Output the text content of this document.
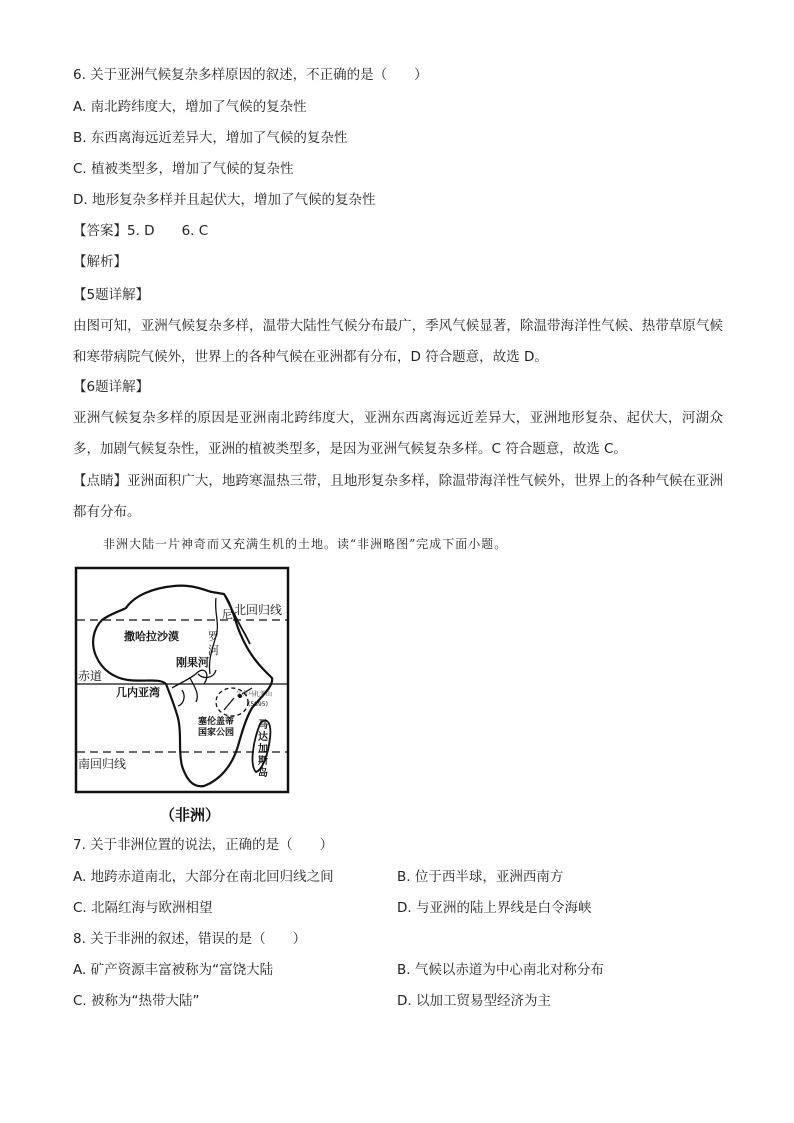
6. 关于亚洲气候复杂多样原因的叙述，不正确的是（　　）
A. 南北跨纬度大，增加了气候的复杂性
B. 东西离海远近差异大，增加了气候的复杂性
C. 植被类型多，增加了气候的复杂性
D. 地形复杂多样并且起伏大，增加了气候的复杂性
【答案】5. D　　6. C
【解析】
【5题详解】
由图可知，亚洲气候复杂多样，温带大陆性气候分布最广，季风气候显著，除温带海洋性气候、热带草原气候和寒带病院气候外，世界上的各种气候在亚洲都有分布，D 符合题意，故选 D。
【6题详解】
亚洲气候复杂多样的原因是亚洲南北跨纬度大，亚洲东西离海远近差异大，亚洲地形复杂、起伏大，河湖众多，加剧气候复杂性，亚洲的植被类型多，是因为亚洲气候复杂多样。C 符合题意，故选 C。
【点睛】亚洲面积广大，地跨寒温热三带，且地形复杂多样，除温带海洋性气候外，世界上的各种气候在亚洲都有分布。
非洲大陆一片神奇而又充满生机的土地。读“非洲略图”完成下面小题。
北回归线
撒哈拉沙漠
尼
罗
河
刚果河
赤道
几内亚湾	乞力马扎罗山
(5895)
塞伦盖蒂
国家公园
马
达
加
斯
岛
南回归线
（非洲）
7. 关于非洲位置的说法，正确的是（　　）
A. 地跨赤道南北，大部分在南北回归线之间	B. 位于西半球，亚洲西南方
C. 北隔红海与欧洲相望	D. 与亚洲的陆上界线是白令海峡
8. 关于非洲的叙述，错误的是（　　）
A. 矿产资源丰富被称为“富饶大陆	B. 气候以赤道为中心南北对称分布
C. 被称为“热带大陆”	D. 以加工贸易型经济为主
